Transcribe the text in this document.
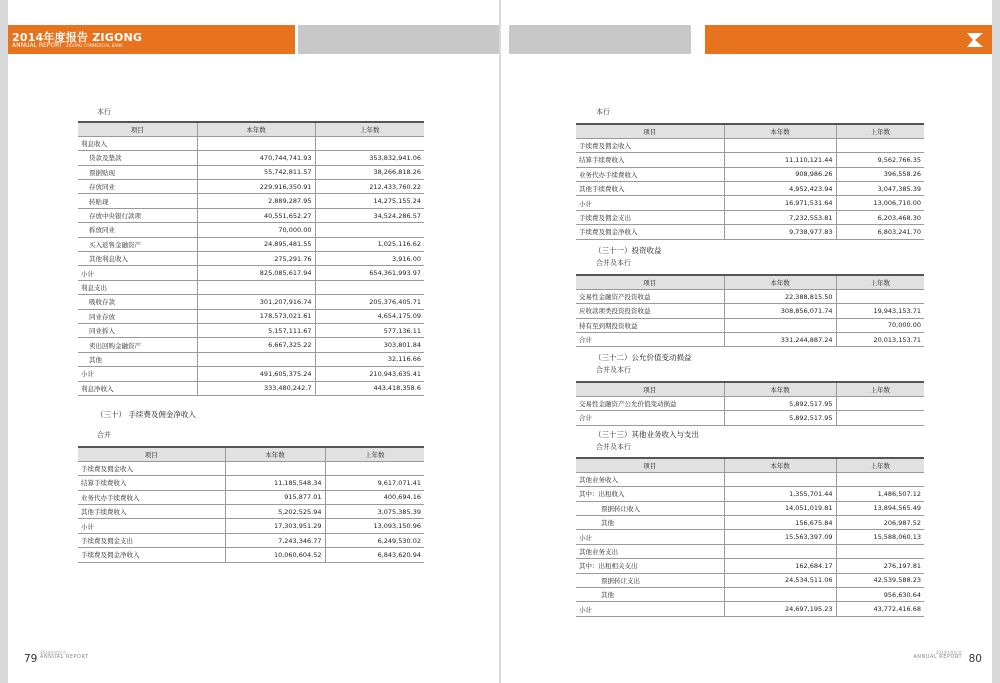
2014年度报告 ZIGONG
ANNUAL REPORT ZIGONG COMMERCIAL BANK
本行
项目	本年数	上年数
利息收入		
贷款及垫款	470,744,741.93	353,832,941.06
票据贴现	55,742,811.57	38,266,818.26
存放同业	229,916,350.91	212,433,760.22
转贴现	2,889,287.95	14,275,155.24
存放中央银行款项	40,551,652.27	34,524,286.57
拆放同业	70,000.00	
买入返售金融资产	24,895,481.55	1,025,116.62
其他利息收入	275,291.76	3,916.00
小计	825,085,617.94	654,361,993.97
利息支出		
吸收存款	301,207,916.74	205,376,405.71
同业存放	178,573,021.61	4,654,175.09
同业拆入	5,157,111.67	577,136.11
卖出回购金融资产	6,667,325.22	303,801.84
其他		32,116.66
小计	491,605,375.24	210,943,635.41
利息净收入	333,480,242.7	443,418,358.6
（三十） 手续费及佣金净收入
合并
项目	本年数	上年数
手续费及佣金收入		
结算手续费收入	11,185,548.34	9,617,071.41
业务代办手续费收入	915,877.01	400,694.16
其他手续费收入	5,202,525.94	3,075,385.39
小计	17,303,951.29	13,093,150.96
手续费及佣金支出	7,243,346.77	6,249,530.02
手续费及佣金净收入	10,060,604.52	6,843,620.94
79
2014年度报告
ANNUAL REPORT
本行
项目	本年数	上年数
手续费及佣金收入		
结算手续费收入	11,110,121.44	9,562,766.35
业务代办手续费收入	908,986.26	396,558.26
其他手续费收入	4,952,423.94	3,047,385.39
小计	16,971,531.64	13,006,710.00
手续费及佣金支出	7,232,553.81	6,203,468.30
手续费及佣金净收入	9,738,977.83	6,803,241.70
（三十一）投资收益
合并及本行
项目	本年数	上年数
交易性金融资产投资收益	22,388,815.50	
应收款项类投资投资收益	308,856,071.74	19,943,153.71
持有至到期投资收益		70,000.00
合计	331,244,887.24	20,013,153.71
（三十二）公允价值变动损益
合并及本行
项目	本年数	上年数
交易性金融资产公允价值变动损益	5,892,517.95	
合计	5,892,517.95	
（三十三）其他业务收入与支出
合并及本行
项目	本年数	上年数
其他业务收入		
其中：出租收入	1,355,701.44	1,486,507.12
票据转让收入	14,051,019.81	13,894,565.49
其他	156,675.84	206,987.52
小计	15,563,397.09	15,588,060.13
其他业务支出		
其中：出租相关支出	162,684.17	276,197.81
票据转让支出	24,534,511.06	42,539,588.23
其他		956,630.64
小计	24,697,195.23	43,772,416.68
2014年度报告
ANNUAL REPORT 80
